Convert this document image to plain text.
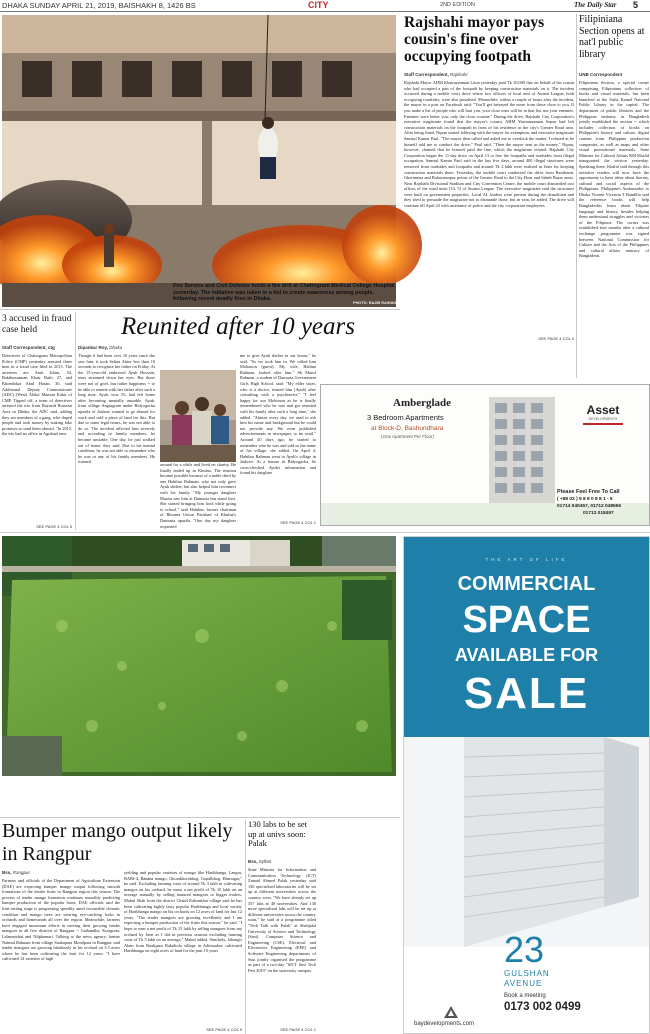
DHAKA SUNDAY APRIL 21, 2019, BAISHAKH 8, 1426 BS	CITY	2ND EDITION	The Daily Star 5
Fire Service and Civil Defence holds a fire drill at Chattogram Medical College Hospital yesterday. The initiative was taken in a bid to create awareness among people, following recent deadly fires in Dhaka.
PHOTO: RAJIB RAIHAN
Rajshahi mayor pays cousin's fine over occupying footpath
Staff Correspondent, Rajshahi
Rajshahi Mayor AHM Khairuzzaman Liton yesterday paid Tk 10,000 fine on behalf of his cousin who had occupied a part of the footpath by keeping construction materials on it. The incident occurred during a mobile court drive where two officers of local unit of Awami League, both occupying roadsides, were also penalised. Meanwhile, within a couple of hours after the incident, the mayor in a post on Facebook said: "You'll get betrayed the more from those close to you. If you make a list of people who will hurt you, your close ones will be in that list, not your enemies. Enemies were better you; only the close cousins." During the drive, Rajshahi City Corporation's executive magistrate found that the mayor's cousin, AHM Yasinuzzaman Sepon had left construction materials on the footpath in front of his residence in the city's Greater Road area. After being fined, Nipun started lobbying with the mayor for exemption, and executive magistrate Samsul Kamar Paul. "The mayor then called and asked me to overlook the matter. I refused as he himself told me to conduct the drive," Paul said. "Then the mayor sent us the money." Nipun, however, claimed that he himself paid the fine, which the magistrate refuted. Rajshahi City Corporation began the 11-day drive on April 13 to free the footpaths and roadsides from illegal occupation. Samsul Kamar Paul said in the last five days, around 400 illegal structures were removed from roadsides and footpaths and around Tk 2 lakh were realised as fines for keeping construction materials there. Yesterday, the mobile court conducted the drive from Ranibazar, Ghoramara and Bohoramopur points of the Greater Road to the City Hour and Saheb Bazar areas. Near Rajshahi Divisional Stadium and City Convention Centre, the mobile court dismantled two offices of the ward units [14, 5] of Awami League. The executive magistrate said the structures were built on government properties. Local AL leaders were present during the demolition and they tried to persuade the magistrate not to dismantle those, but in vain, he added. The drive will continue till April 23 with assistance of police and the city corporation employees.
SEE PAGE 4 COL 3
Filipiniana Section opens at nat'l public library
UNB Correspondent
Filipiniana Section, a special corner comprising Filipiniana collection of books and visual materials, has been launched at the Sufia Kamal National Public Library in the capital. The department of public libraries and the Philippine embassy in Bangladesh jointly established the section -- which includes collection of books on Philippine's history and culture, digital content from Philippine production companies, as well as maps and other visual promotional materials. State Minister for Cultural Affairs KM Khalid inaugurated the section yesterday. Speaking there, Khalid said through this initiative readers will now have the opportunity to have ideas about literary, cultural and social aspects of the Philippines. Philippines Ambassador to Dhaka Vicente Vivencio T Bandillo said the reference books will help Bangladeshis learn about Filipino language and history, besides helping them understand struggles and victories of the Filipinos. The corner was established four months after a cultural exchange programme was signed between National Commission for Culture and the Arts of the Philippines and cultural affairs ministry of Bangladesh.
3 accused in fraud case held
Staff Correspondent, ctg
Detectives of Chattogram Metropolitan Police (CMP) yesterday arrested three men in a fraud case filed in 2015. The arrestees are Amit Islam, 34, Bakibuzzaman Khair Rubi, 27, and Khondokar Abul Hasan, 30, said Additional Deputy Commissioner (ADC) (West) Abdul Mamun Kabir of CMP. Tipped off, a team of detectives arrested the trio from Bayazid Bostami Area in Dhaka, the ADC said, adding they are members of a gang, who duped people and took money by staking fake promises to send them abroad. "In 2015, the trio had an office in Agrabad area.
SEE PAGE 4 COL 5
Reunited after 10 years
Dipankar Roy, Dhaka
Though it had been over 10 years since she saw him, it took Selina Akter less than 10 seconds to recognise her father on Friday. At the 15-year-old embraced Ayub Hossain, tears streamed down her eyes. But those were not of grief, but rather happiness -- to be able to reunite with her father after such a long time. Ayub, now 55, had left home after becoming mentally unstable. Ayub, from village Angurgram under Bidyogacha upazila of Jashore wanted to go abroad for work and sold a piece of land for this. But due to some legal issues, he was not able to do so. The incident affected him severely and according to family members, he became unstable. One day, he just walked out of home, they said. Due to his mental condition, he was not able to remember who he was or any of his family members. He roamed
around for a while and lived on charity. He finally ended up in Khulna. The reunion became possible because of a noble deed by one Habibur Rahman, who not only gave Ayub shelter, but also helped him reconnect with his family. "My younger daughter Marzia saw him at Dumuria bus stand first. She started bringing him food while going to school," said Habibur, former chairman of Bhomra Union Parishad of Khulna's Dumuria upazila. "One day my daughter requested
me to give Ayub shelter in our house," he said. "So we took him in. We called him Mohonon (guest). My wife, Halima Rahman, looked after him." Sk Maruf Rahman, a student of Dumuria Government Girls High School, said: "My elder sister, who is a doctor, treated him [Ayub] after consulting with a psychiatrist." "I feel happy for our Mohonon as he is finally remembered who he was and got reunited with his family after such a long time," she added. "Almost every day, we used to ask him his name and background but he could not provide any. We even published advertisements in newspaper, to no avail." Around 20 days ago, he started to remember who he was and told us the name of his village, she added. On April 4, Habibur Rahman went to Ayub's village in Jashore. At a bazaar in Bidyogacha, he cross-checked Ayub's information and found his daughter
SEE PAGE 4 COL 1
Amberglade
3 Bedroom Apartments
at Block-D, Bashundhara
(One Apartment Per Floor)
Asset
DEVELOPMENTS
Please Feel Free To Call
( +88 02 ) 9 8 8 0 8 8 1 - 5
01714 040457, 01712 048556
01713 018497
Bumper mango output likely in Rangpur
Bss, Rangpur
Farmers and officials of the Department of Agriculture Extension (DAE) are expecting bumper mango output following smooth formations of the tender fruits in Rangpur region this season. The process of tender mango formation continues smoothly predicting bumper production of the popular fruits. DAE officials said the fruit-setting stage is progressing speedily amid favourable climatic condition and mango trees are wearing eye-catching looks in orchards and homesteads all over the region. Meanwhile, farmers have engaged maximum efforts in moving their growing tender mangoes in all five districts of Rangpur -- Gaibandha, Kurigram, Lalmonirhat and Nilphamari. Talking to the news agency, farmer Naimul Rahman from village Saukapara Mondpara in Rangpur said tender mangoes are growing fabulously in his orchard on 3.5 acres where he has been cultivating the fruit for 12 years. "I have cultivated 14 varieties of high
yielding and popular varieties of mango like Haribhanga, Langra, BARI-4, Banana mango, Ghorakhorabhog, Gopalbhog, Himsagar," he said. Excluding farming costs of around Tk 3 lakh in cultivating mangos on his orchard, he earns a net profit of Tk 10 lakh on an average annually by selling matured mangoes to bigger traders. Mabul Shah from the district Chand Kalinakhai village said he has been cultivating highly tasty popular Haribhanga and local variety of Haribhanga mango on his orchards on 12 acres of land for last 12 years. "The tender mangoes are growing excellently and I am expecting a bumper production of the fruits this season," he said. "I hope to earn a net profit of Tk 15 lakh by selling mangoes from my orchard by June as I did in previous seasons excluding farming costs of Tk 5 lakh on an average," Mabul added. Similarly, Jahangir Alam from Boalipara Bakultola village in Aditmarbor cultivated Haribhanga on eight acres of land for the past 10 years
SEE PAGE 4 COL 5
130 labs to be set up at univs soon: Palak
Bss, Sylhet
State Minister for Information and Communication Technology (ICT) Zunaid Ahmed Palak yesterday said 130 specialised laboratories will be set up at different universities across the country soon. "We have already set up 357 labs at 40 universities. And 130 more specialised labs will be set up at different universities across the country soon," he said at a programme titled "Tech Talk with Palak" at Shahjalal University of Science and Technology (Sust). Computer Science and Engineering (CSE), Electrical and Electronics Engineering (EEE) and Software Engineering departments of Sust jointly organised the programme as part of a two-day "SICT Sust Tech Fest 2019" on the university campus.
SEE PAGE 4 COL 1
THE ART OF LIFE
COMMERCIAL
SPACE
AVAILABLE FOR
SALE
23
GULSHAN
AVENUE
Book a meeting
0173 002 0499
baydevelopments.com
